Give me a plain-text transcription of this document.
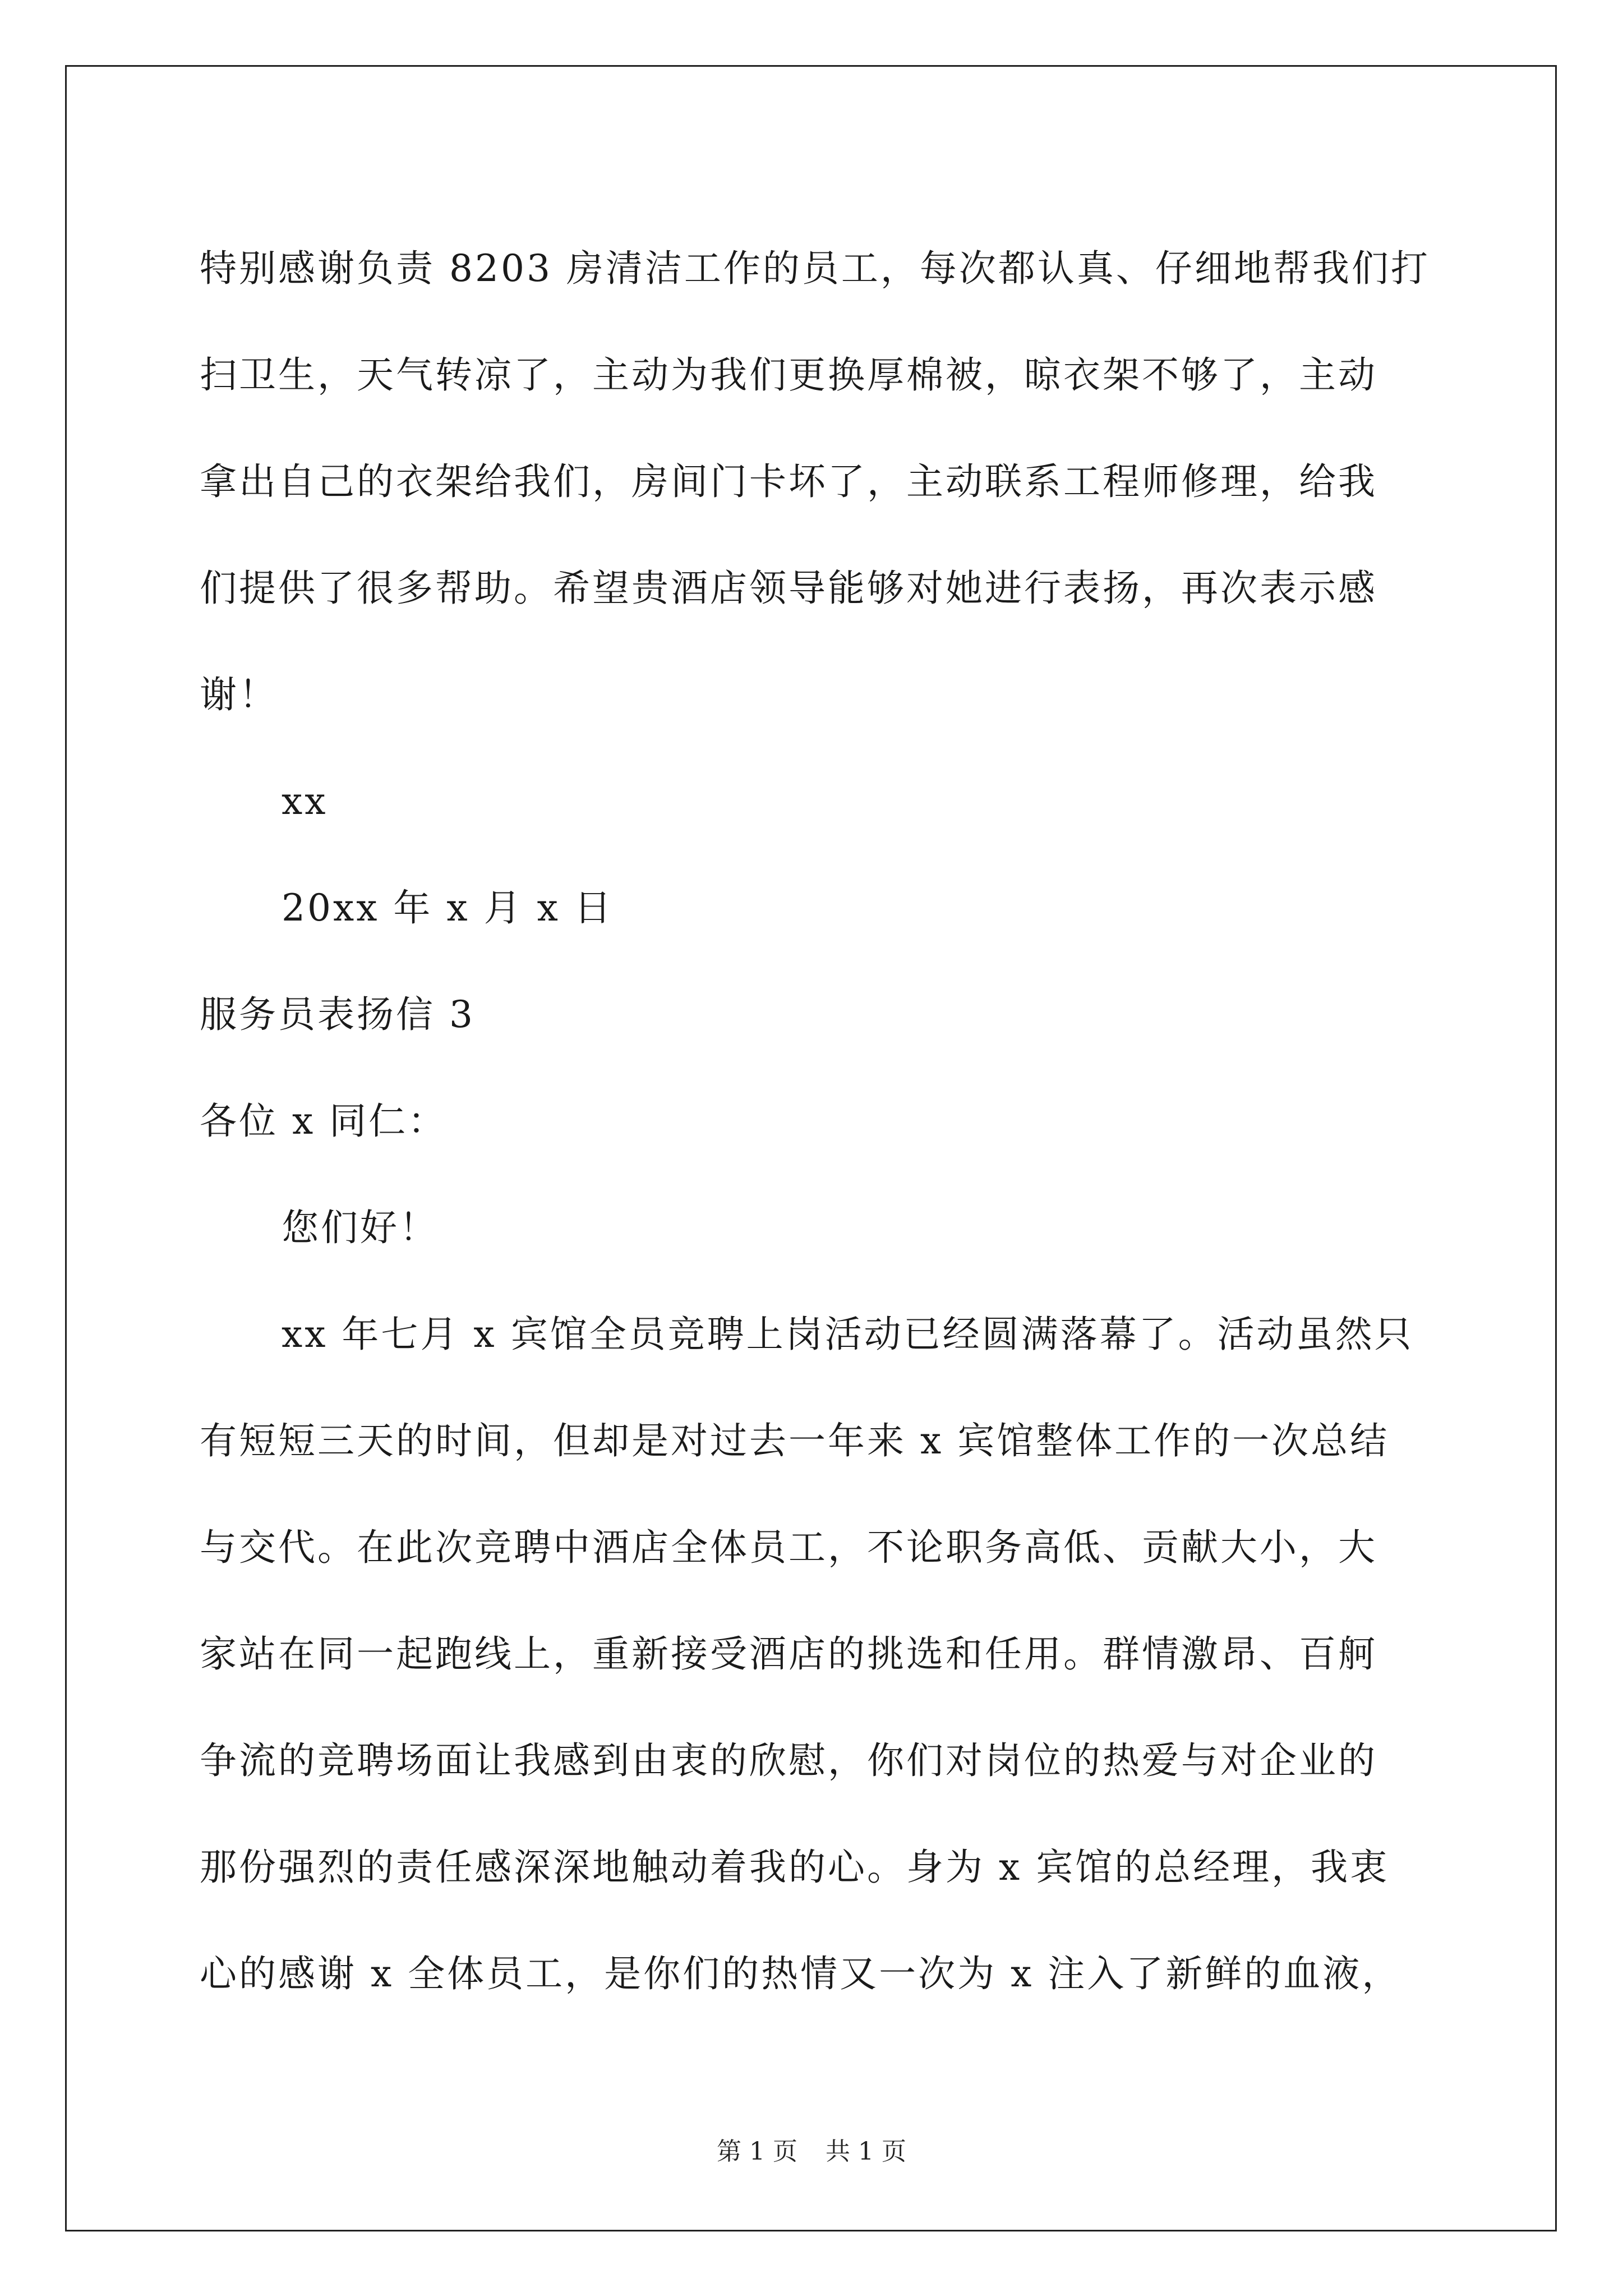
特别感谢负责 8203 房清洁工作的员工，每次都认真、仔细地帮我们打
扫卫生，天气转凉了，主动为我们更换厚棉被，晾衣架不够了，主动
拿出自己的衣架给我们，房间门卡坏了，主动联系工程师修理，给我
们提供了很多帮助。希望贵酒店领导能够对她进行表扬，再次表示感
谢！
xx
20xx 年 x 月 x 日
服务员表扬信 3
各位 x 同仁：
您们好！
xx 年七月 x 宾馆全员竞聘上岗活动已经圆满落幕了。活动虽然只
有短短三天的时间，但却是对过去一年来 x 宾馆整体工作的一次总结
与交代。在此次竞聘中酒店全体员工，不论职务高低、贡献大小，大
家站在同一起跑线上，重新接受酒店的挑选和任用。群情激昂、百舸
争流的竞聘场面让我感到由衷的欣慰，你们对岗位的热爱与对企业的
那份强烈的责任感深深地触动着我的心。身为 x 宾馆的总经理，我衷
心的感谢 x 全体员工，是你们的热情又一次为 x 注入了新鲜的血液，
第 1 页 共 1 页
